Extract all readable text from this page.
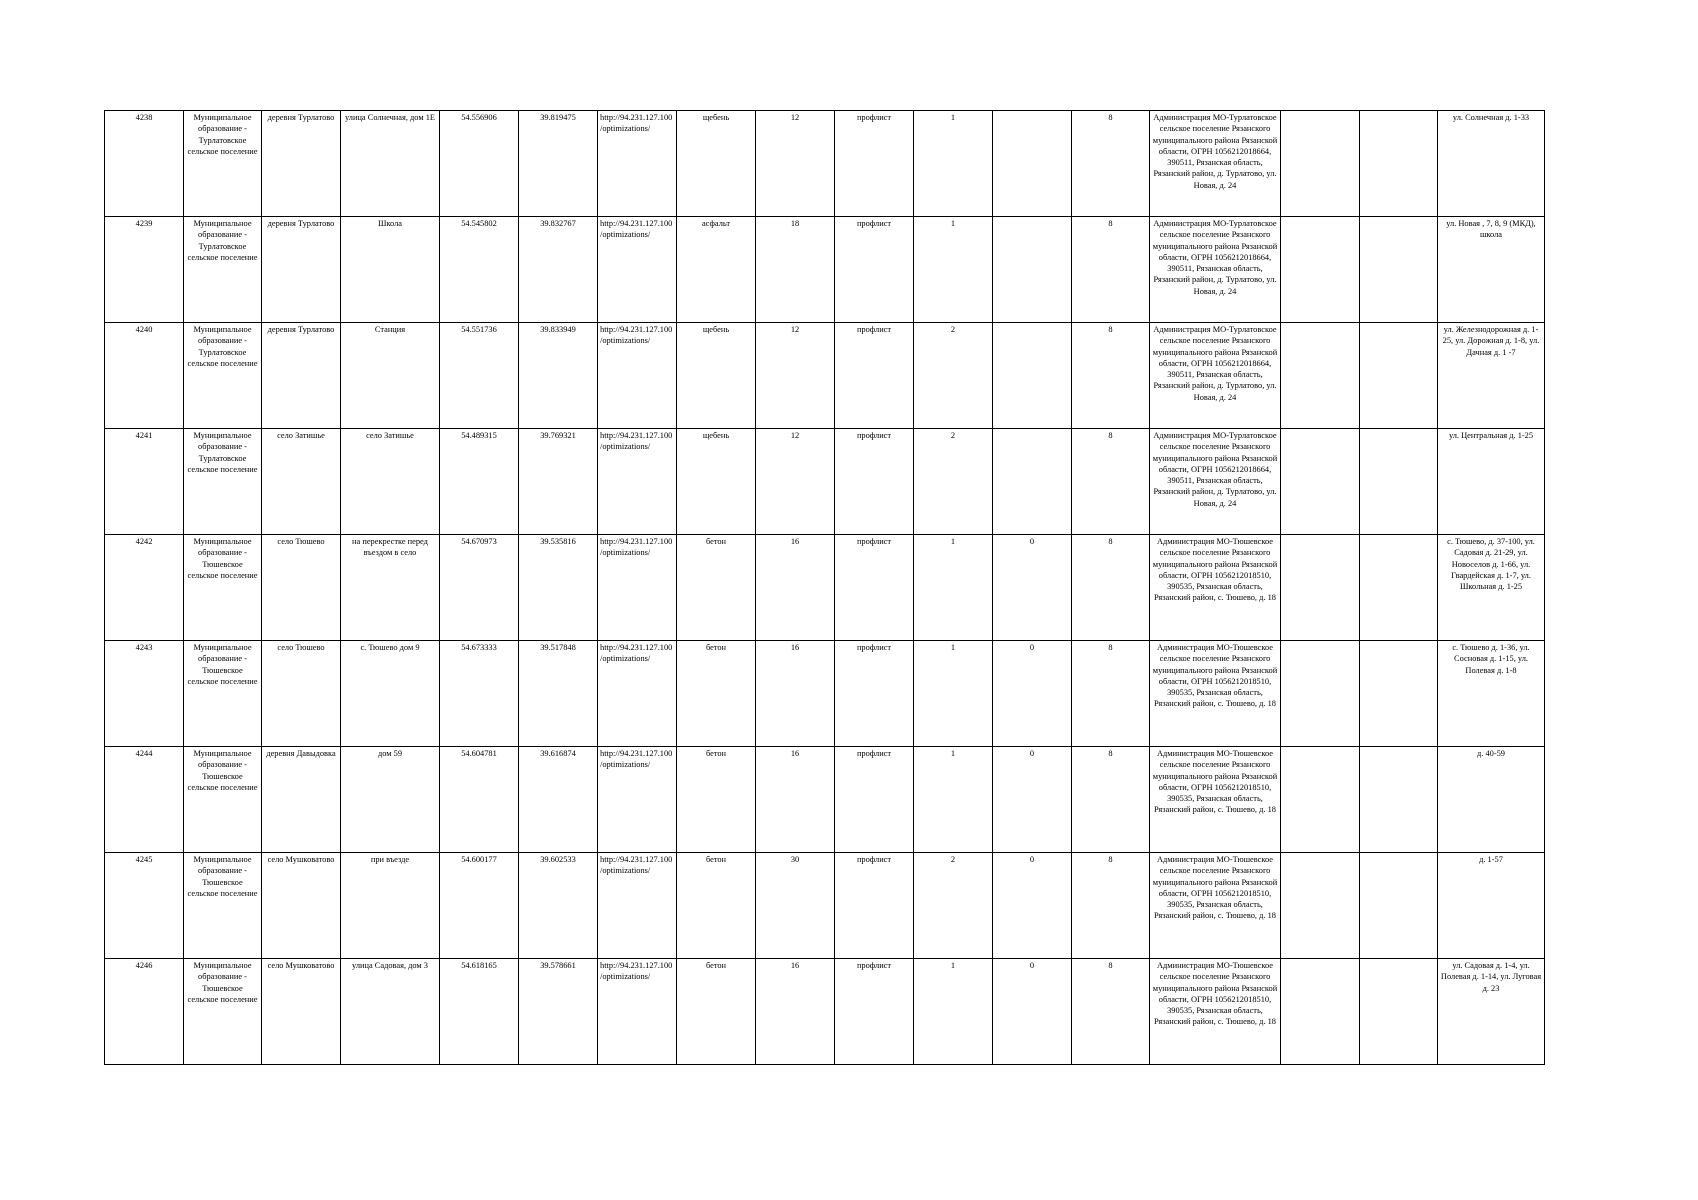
4238	Муниципальное образование - Турлатовское сельское поселение	деревня Турлатово	улица Солнечная, дом 1Е	54.556906	39.819475	http://94.231.127.100/optimizations/	щебень	12	профлист	1		8	Администрация МО-Турлатовское сельское поселение Рязанского муниципального района Рязанской области, ОГРН 1056212018664, 390511, Рязанская область, Рязанский район, д. Турлатово, ул. Новая, д. 24			ул. Солнечная д. 1-33
4239	Муниципальное образование - Турлатовское сельское поселение	деревня Турлатово	Школа	54.545802	39.832767	http://94.231.127.100/optimizations/	асфальт	18	профлист	1		8	Администрация МО-Турлатовское сельское поселение Рязанского муниципального района Рязанской области, ОГРН 1056212018664, 390511, Рязанская область, Рязанский район, д. Турлатово, ул. Новая, д. 24			ул. Новая , 7, 8, 9 (МКД), школа
4240	Муниципальное образование - Турлатовское сельское поселение	деревня Турлатово	Станция	54.551736	39.833949	http://94.231.127.100/optimizations/	щебень	12	профлист	2		8	Администрация МО-Турлатовское сельское поселение Рязанского муниципального района Рязанской области, ОГРН 1056212018664, 390511, Рязанская область, Рязанский район, д. Турлатово, ул. Новая, д. 24			ул. Железнодорожная д. 1-25, ул. Дорожная д. 1-8, ул. Дачная д. 1 -7
4241	Муниципальное образование - Турлатовское сельское поселение	село Затишье	село Затишье	54.489315	39.769321	http://94.231.127.100/optimizations/	щебень	12	профлист	2		8	Администрация МО-Турлатовское сельское поселение Рязанского муниципального района Рязанской области, ОГРН 1056212018664, 390511, Рязанская область, Рязанский район, д. Турлатово, ул. Новая, д. 24			ул. Центральная д. 1-25
4242	Муниципальное образование - Тюшевское сельское поселение	село Тюшево	на перекрестке перед въездом в село	54.670973	39.535816	http://94.231.127.100/optimizations/	бетон	16	профлист	1	0	8	Администрация МО-Тюшевское сельское поселение Рязанского муниципального района Рязанской области, ОГРН 1056212018510, 390535, Рязанская область, Рязанский район, с. Тюшево, д. 18			с. Тюшево, д. 37-100, ул. Садовая д. 21-29, ул. Новоселов д. 1-66, ул. Гвардейская д. 1-7, ул. Школьная д. 1-25
4243	Муниципальное образование - Тюшевское сельское поселение	село Тюшево	с. Тюшево дом 9	54.673333	39.517848	http://94.231.127.100/optimizations/	бетон	16	профлист	1	0	8	Администрация МО-Тюшевское сельское поселение Рязанского муниципального района Рязанской области, ОГРН 1056212018510, 390535, Рязанская область, Рязанский район, с. Тюшево, д. 18			с. Тюшево д. 1-36, ул. Сосновая д. 1-15, ул. Полевая д. 1-8
4244	Муниципальное образование - Тюшевское сельское поселение	деревня Давыдовка	дом 59	54.604781	39.616874	http://94.231.127.100/optimizations/	бетон	16	профлист	1	0	8	Администрация МО-Тюшевское сельское поселение Рязанского муниципального района Рязанской области, ОГРН 1056212018510, 390535, Рязанская область, Рязанский район, с. Тюшево, д. 18			д. 40-59
4245	Муниципальное образование - Тюшевское сельское поселение	село Мушковатово	при въезде	54.600177	39.602533	http://94.231.127.100/optimizations/	бетон	30	профлист	2	0	8	Администрация МО-Тюшевское сельское поселение Рязанского муниципального района Рязанской области, ОГРН 1056212018510, 390535, Рязанская область, Рязанский район, с. Тюшево, д. 18			д. 1-57
4246	Муниципальное образование - Тюшевское сельское поселение	село Мушковатово	улица Садовая, дом 3	54.618165	39.578661	http://94.231.127.100/optimizations/	бетон	16	профлист	1	0	8	Администрация МО-Тюшевское сельское поселение Рязанского муниципального района Рязанской области, ОГРН 1056212018510, 390535, Рязанская область, Рязанский район, с. Тюшево, д. 18			ул. Садовая д. 1-4, ул. Полевая д. 1-14, ул. Луговая д. 23
